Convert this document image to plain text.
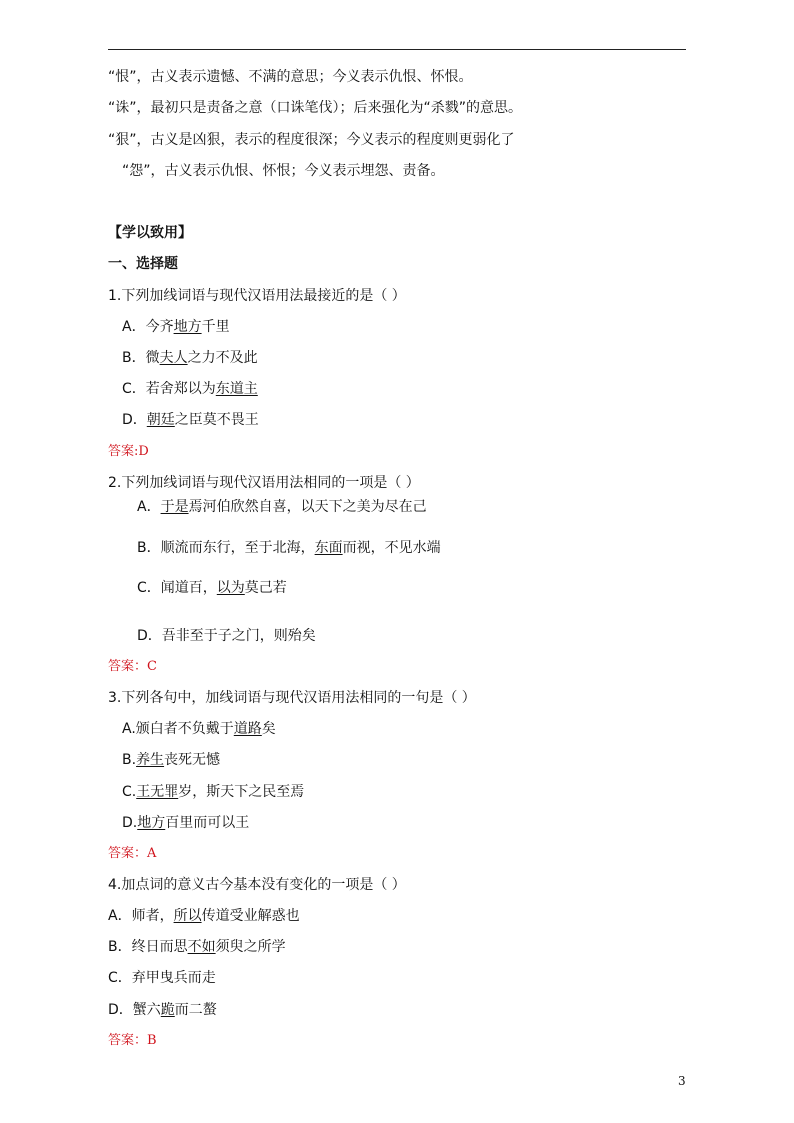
“恨”，古义表示遗憾、不满的意思；今义表示仇恨、怀恨。
“诛”，最初只是责备之意（口诛笔伐）；后来强化为“杀戮”的意思。
“狠”，古义是凶狠，表示的程度很深；今义表示的程度则更弱化了
“怨”，古义表示仇恨、怀恨；今义表示埋怨、责备。
【学以致用】
一、选择题
1.下列加线词语与现代汉语用法最接近的是（ ）
A．今齐地方千里
B．微夫人之力不及此
C．若舍郑以为东道主
D．朝廷之臣莫不畏王
答案:D
2.下列加线词语与现代汉语用法相同的一项是（ ）
A．于是焉河伯欣然自喜，以天下之美为尽在己
B．顺流而东行，至于北海，东面而视，不见水端
C．闻道百，以为莫己若
D．吾非至于子之门，则殆矣
答案：C
3.下列各句中，加线词语与现代汉语用法相同的一句是（ ）
A.颁白者不负戴于道路矣
B.养生丧死无憾
C.王无罪岁，斯天下之民至焉
D.地方百里而可以王
答案：A
4.加点词的意义古今基本没有变化的一项是（ ）
A．师者，所以传道受业解惑也
B．终日而思不如须臾之所学
C．弃甲曳兵而走
D．蟹六跪而二螯
答案：B
3
